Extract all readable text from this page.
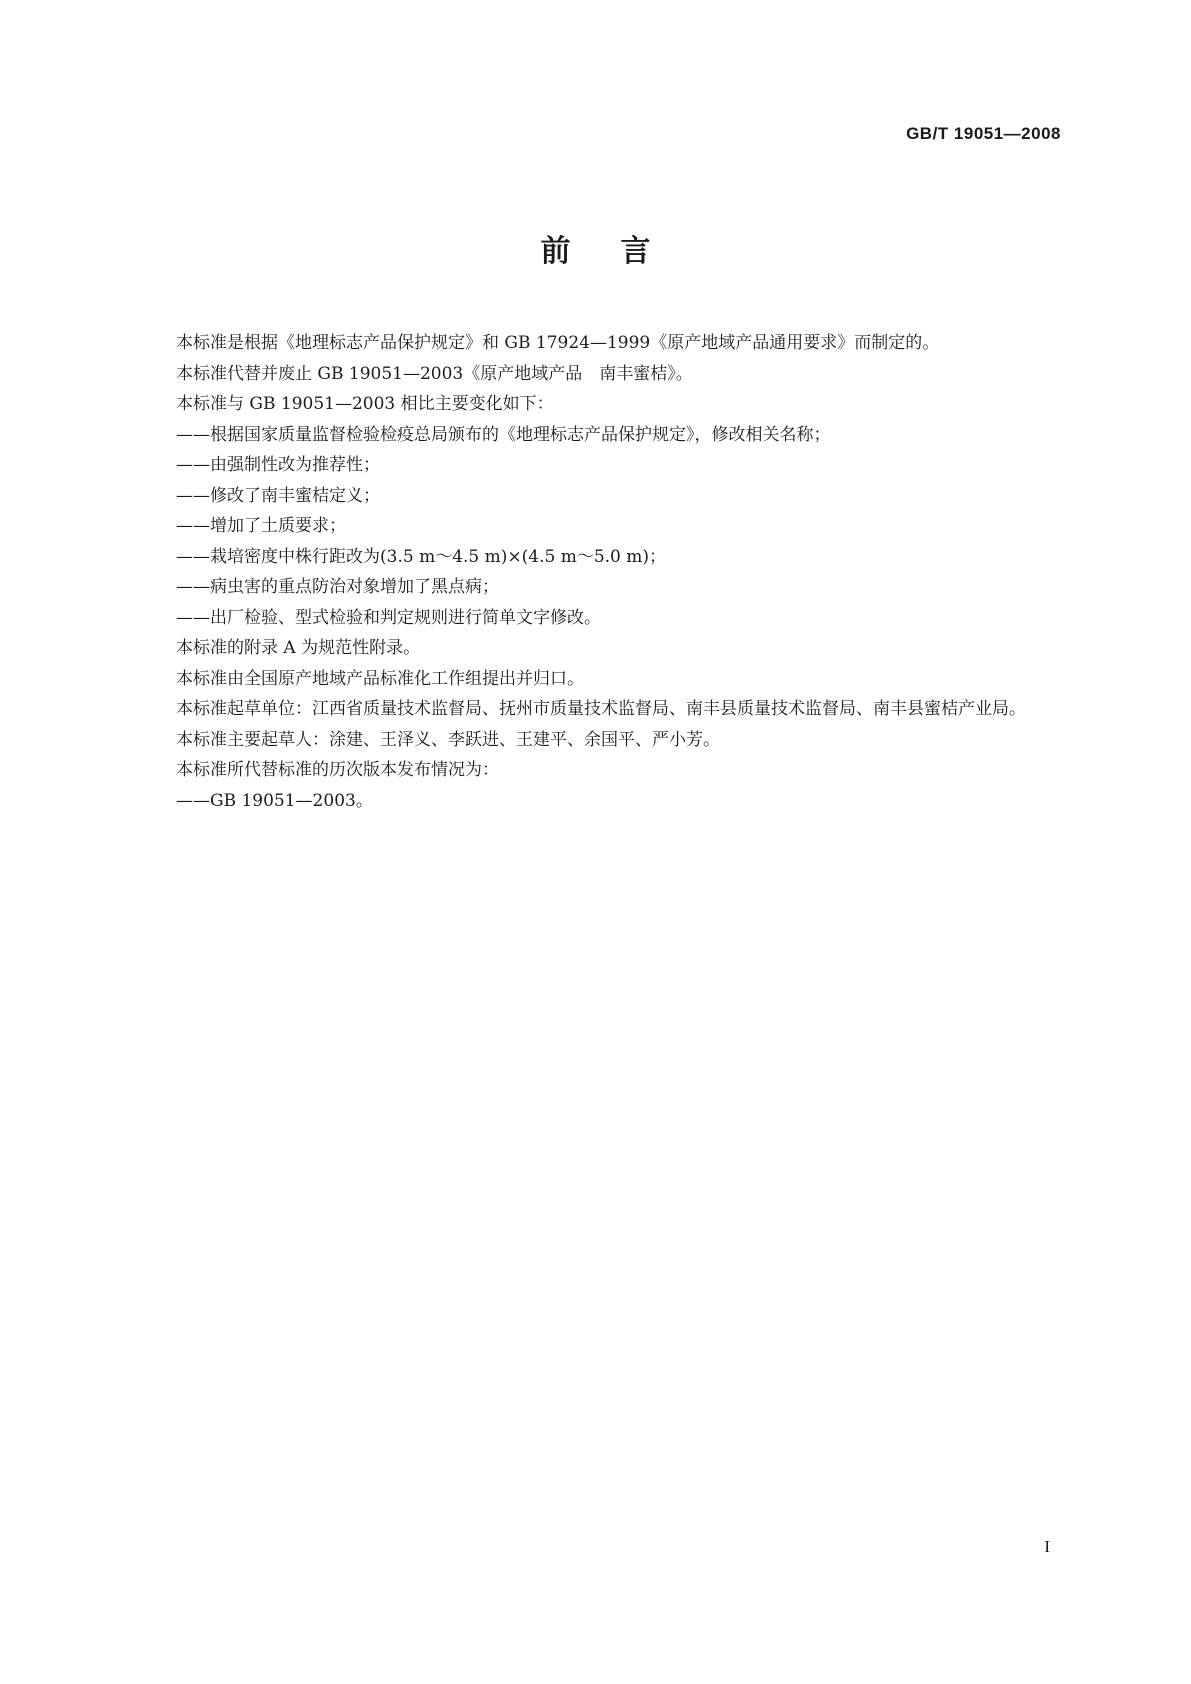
GB/T 19051—2008
前 言

本标准是根据《地理标志产品保护规定》和 GB 17924—1999《原产地域产品通用要求》而制定的。

本标准代替并废止 GB 19051—2003《原产地域产品　南丰蜜桔》。

本标准与 GB 19051—2003 相比主要变化如下：

——根据国家质量监督检验检疫总局颁布的《地理标志产品保护规定》，修改相关名称；

——由强制性改为推荐性；

——修改了南丰蜜桔定义；

——增加了土质要求；

——栽培密度中株行距改为(3.5 m～4.5 m)×(4.5 m～5.0 m)；

——病虫害的重点防治对象增加了黑点病；

——出厂检验、型式检验和判定规则进行简单文字修改。

本标准的附录 A 为规范性附录。

本标准由全国原产地域产品标准化工作组提出并归口。

本标准起草单位：江西省质量技术监督局、抚州市质量技术监督局、南丰县质量技术监督局、南丰县蜜桔产业局。

本标准主要起草人：涂建、王泽义、李跃进、王建平、余国平、严小芳。

本标准所代替标准的历次版本发布情况为：

——GB 19051—2003。

I
